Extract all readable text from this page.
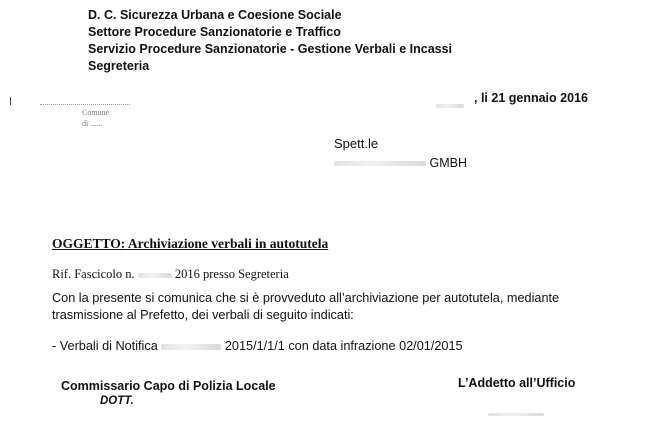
D. C. Sicurezza Urbana e Coesione Sociale
Settore Procedure Sanzionatorie e Traffico
Servizio Procedure Sanzionatorie - Gestione Verbali e Incassi
Segreteria
Comune
di ......
, li 21 gennaio 2016
Spett.le
GMBH
OGGETTO: Archiviazione verbali in autotutela
Rif. Fascicolo n.	2016 presso Segreteria
Con la presente si comunica che si è provveduto all’archiviazione per autotutela, mediante
trasmissione al Prefetto, dei verbali di seguito indicati:
- Verbali di Notifica	2015/1/1/1 con data infrazione 02/01/2015
Commissario Capo di Polizia Locale
DOTT.
L’Addetto all’Ufficio
